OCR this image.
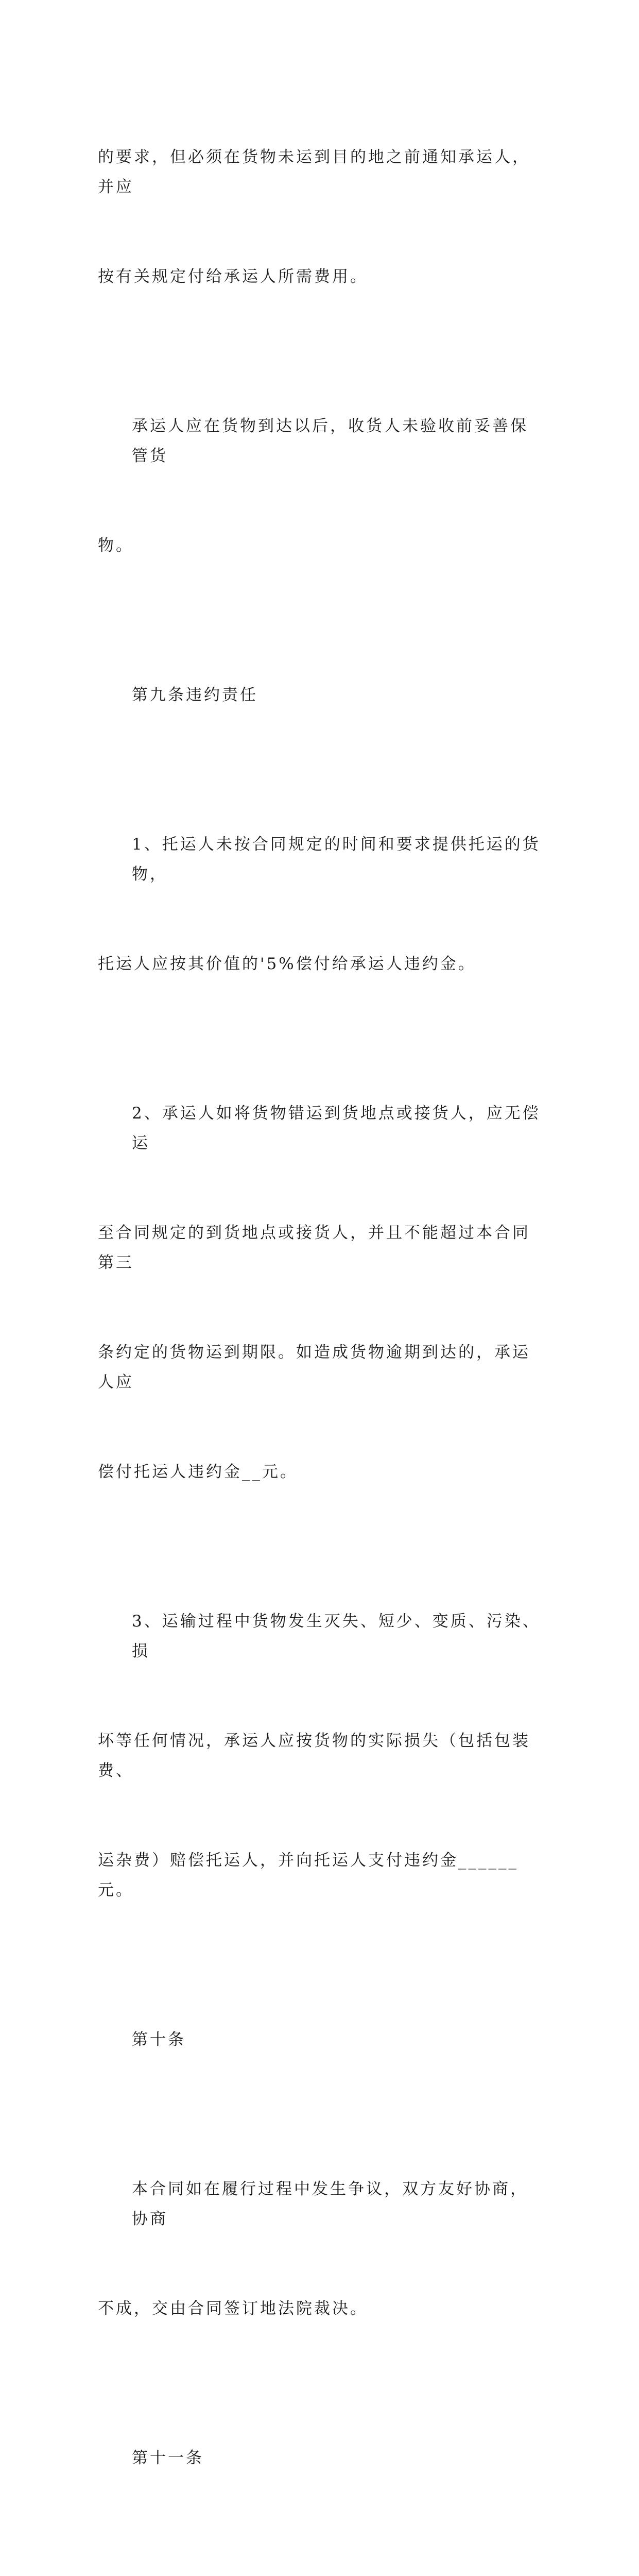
的要求，但必须在货物未运到目的地之前通知承运人，并应

按有关规定付给承运人所需费用。

承运人应在货物到达以后，收货人未验收前妥善保管货

物。

第九条违约责任

1、托运人未按合同规定的时间和要求提供托运的货物，

托运人应按其价值的'5%偿付给承运人违约金。

2、承运人如将货物错运到货地点或接货人，应无偿运

至合同规定的到货地点或接货人，并且不能超过本合同第三

条约定的货物运到期限。如造成货物逾期到达的，承运人应

偿付托运人违约金__元。

3、运输过程中货物发生灭失、短少、变质、污染、损

坏等任何情况，承运人应按货物的实际损失（包括包装费、

运杂费）赔偿托运人，并向托运人支付违约金______元。

第十条

本合同如在履行过程中发生争议，双方友好协商，协商

不成，交由合同签订地法院裁决。

第十一条
